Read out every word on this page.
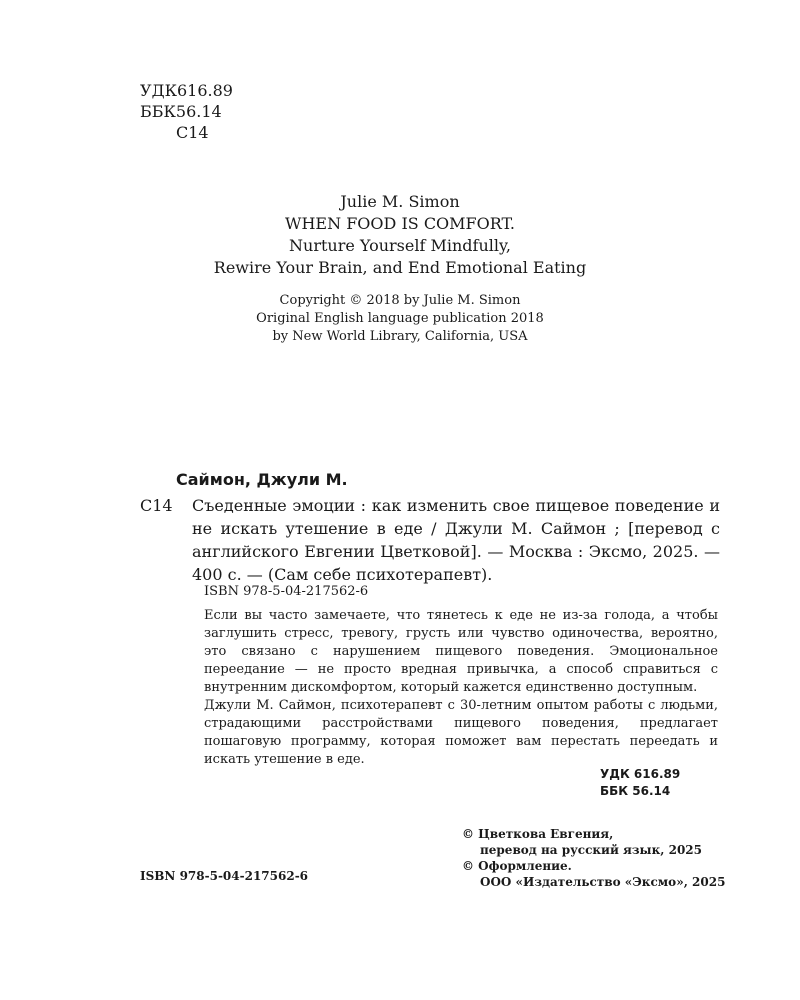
УДК616.89
ББК56.14
С14
Julie M. Simon
WHEN FOOD IS COMFORT.
Nurture Yourself Mindfully,
Rewire Your Brain, and End Emotional Eating
Copyright © 2018 by Julie M. Simon
Original English language publication 2018
by New World Library, California, USA
Саймон, Джули М.
С14 Съеденные эмоции : как изменить свое пищевое поведение и не искать утешение в еде / Джули М. Саймон ; [перевод с английского Евгении Цветковой]. — Москва : Эксмо, 2025. — 400 с. — (Сам себе психотерапевт).
ISBN 978-5-04-217562-6

Если вы часто замечаете, что тянетесь к еде не из-за голода, а чтобы заглушить стресс, тревогу, грусть или чувство одиночества, вероятно, это связано с нарушением пищевого поведения. Эмоциональное переедание — не просто вредная привычка, а способ справиться с внутренним дискомфортом, который кажется единственно доступным.

Джули М. Саймон, психотерапевт с 30-летним опытом работы с людьми, страдающими расстройствами пищевого поведения, предлагает пошаговую программу, которая поможет вам перестать переедать и искать утешение в еде.

УДК 616.89
ББК 56.14
© Цветкова Евгения,
перевод на русский язык, 2025
© Оформление.
ООО «Издательство «Эксмо», 2025
ISBN 978-5-04-217562-6
